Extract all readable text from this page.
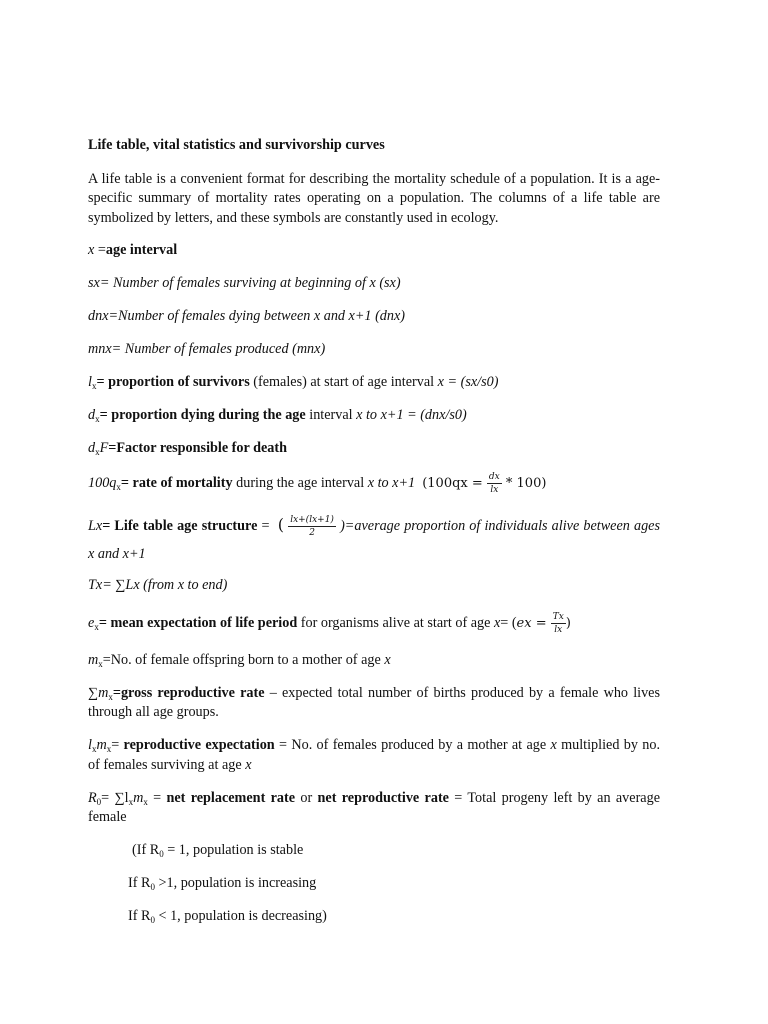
Life table, vital statistics and survivorship curves

A life table is a convenient format for describing the mortality schedule of a population. It is a age-specific summary of mortality rates operating on a population. The columns of a life table are symbolized by letters, and these symbols are constantly used in ecology.

x =age interval

sx= Number of females surviving at beginning of x (sx)

dnx=Number of females dying between x and x+1 (dnx)

mnx= Number of females produced (mnx)

$l_x=$ proportion of survivors (females) at start of age interval x = (sx/s0)

$d_x=$ proportion dying during the age interval x to x+1 = (dnx/s0)

$d_xF=Factor$ responsible for death

$100q_x=$ rate of mortality during the age interval x to x+1 $(100qx = \frac{dx}{lx} * 100)$

Lx= Life table age structure =  ( $\frac{lx+(lx+1)}{2}$ )=average proportion of individuals alive between ages x and x+1

Tx= ∑Lx (from x to end)

$e_x=$ mean expectation of life period for organisms alive at start of age $x= (ex = \frac{Tx}{lx}$ )

$m_x=No$. of female offspring born to a mother of age x

$\sum m_x=gross$ reproductive rate – expected total number of births produced by a female who lives through all age groups.

$l_xm_x=$ reproductive expectation = No. of females produced by a mother at age x multiplied by no. of females surviving at age x

$R_0= \sum l_xm_x$ = net replacement rate or net reproductive rate = Total progeny left by an average female

(If $R_0 = 1$, population is stable

If $R_0 >1$, population is increasing

If $R_0 < 1$, population is decreasing)
